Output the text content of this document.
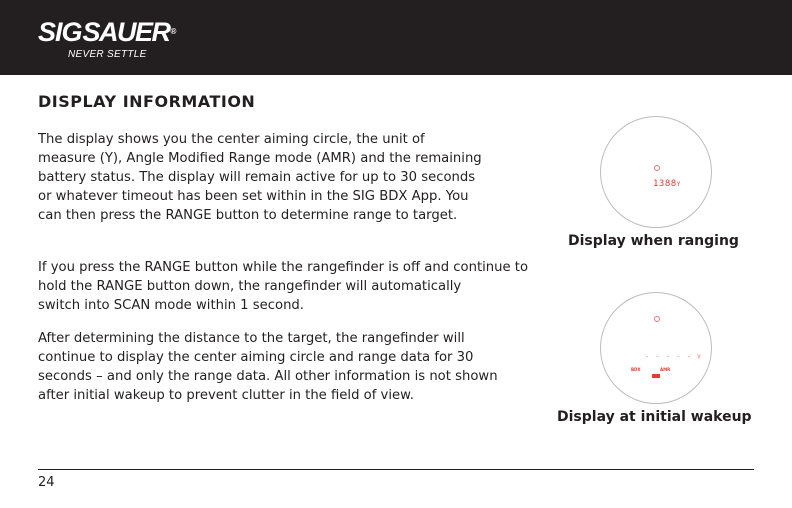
SIGSAUER®
NEVER SETTLE
DISPLAY INFORMATION
The display shows you the center aiming circle, the unit of
measure (Y), Angle Modified Range mode (AMR) and the remaining
battery status. The display will remain active for up to 30 seconds
or whatever timeout has been set within in the SIG BDX App. You
can then press the RANGE button to determine range to target.
If you press the RANGE button while the rangefinder is off and continue to
hold the RANGE button down, the rangefinder will automatically
switch into SCAN mode within 1 second.
After determining the distance to the target, the rangefinder will
continue to display the center aiming circle and range data for 30
seconds – and only the range data. All other information is not shown
after initial wakeup to prevent clutter in the field of view.
1388Y

Display when ranging

- - - - - Y
BDX	AMR

Display at initial wakeup

24
